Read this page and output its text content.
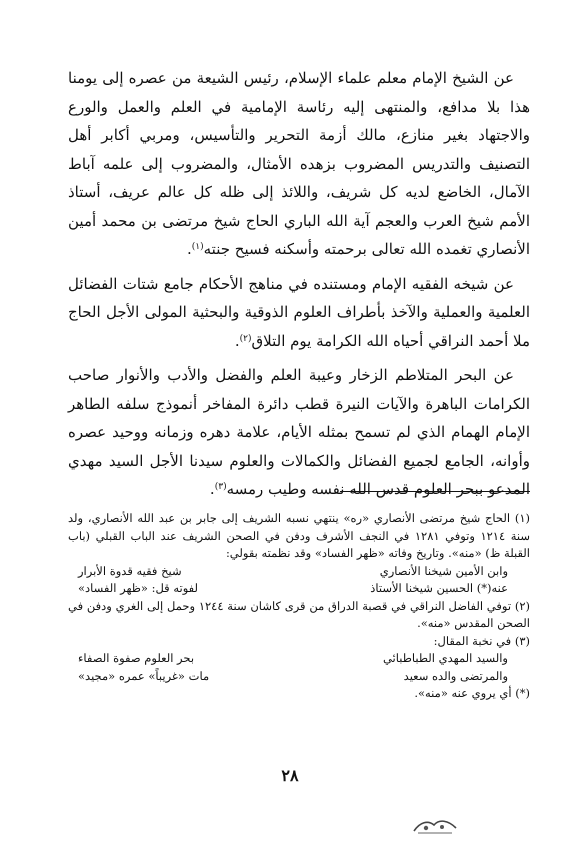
عن الشيخ الإمام معلم علماء الإسلام، رئيس الشيعة من عصره إلى يومنا هذا بلا مدافع، والمنتهى إليه رئاسة الإمامية في العلم والعمل والورع والاجتهاد بغير منازع، مالك أزمة التحرير والتأسيس، ومربي أكابر أهل التصنيف والتدريس المضروب بزهده الأمثال، والمضروب إلى علمه آباط الآمال، الخاضع لديه كل شريف، واللائذ إلى ظله كل عالم عريف، أستاذ الأمم شيخ العرب والعجم آية الله الباري الحاج شيخ مرتضى بن محمد أمين الأنصاري تغمده الله تعالى برحمته وأسكنه فسيح جنته$^{(١)}$.

عن شيخه الفقيه الإمام ومستنده في مناهج الأحكام جامع شتات الفضائل العلمية والعملية والآخذ بأطراف العلوم الذوقية والبحثية المولى الأجل الحاج ملا أحمد النراقي أحياه الله الكرامة يوم التلاق$^{(٢)}$.

عن البحر المتلاطم الزخار وعيبة العلم والفضل والأدب والأنوار صاحب الكرامات الباهرة والآيات النيرة قطب دائرة المفاخر أنموذج سلفه الطاهر الإمام الهمام الذي لم تسمح بمثله الأيام، علامة دهره وزمانه ووحيد عصره وأوانه، الجامع لجميع الفضائل والكمالات والعلوم سيدنا الأجل السيد مهدي المدعو ببحر العلوم قدس الله نفسه وطيب رمسه$^{(٣)}$.

(١) الحاج شيخ مرتضى الأنصاري «ره» ينتهي نسبه الشريف إلى جابر بن عبد الله الأنصاري، ولد سنة ١٢١٤ وتوفي ١٢٨١ في النجف الأشرف ودفن في الصحن الشريف عند الباب القبلي (باب القبلة ظ) «منه». وتاريخ وفاته «ظهر الفساد» وقد نظمته بقولي:

وابن الأمين شيخنا الأنصاري
شيخ فقيه قدوة الأبرار
عنه(*) الحسين شيخنا الأستاذ
لفوته قل: «ظهر الفساد»

(٢) توفي الفاضل النراقي في قصبة الدراق من قرى كاشان سنة ١٢٤٤ وحمل إلى الغري ودفن في الصحن المقدس «منه».

(٣) في نخبة المقال:

والسيد المهدي الطباطبائي
بحر العلوم صفوة الصفاء
والمرتضى والده سعيد
مات «غريباً» عمره «مجيد»

(*) أي يروي عنه «منه».

٢٨
